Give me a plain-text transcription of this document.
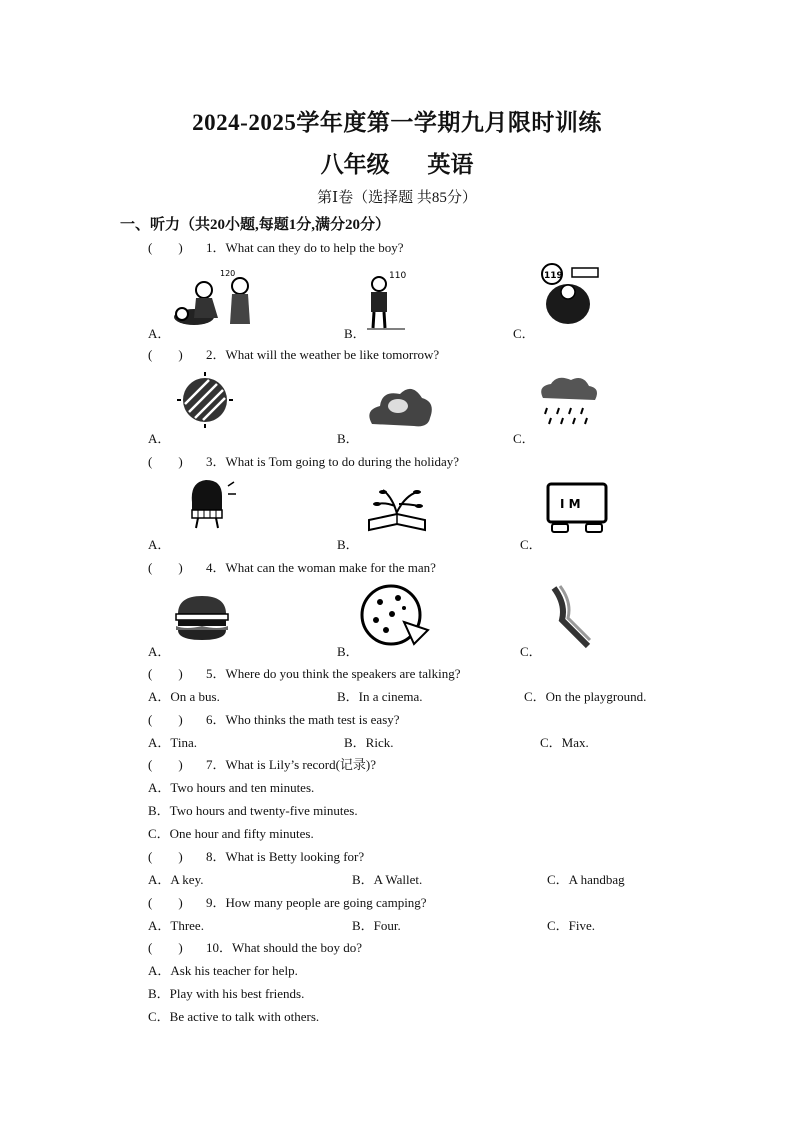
2024-2025学年度第一学期九月限时训练
八年级 英语
第Ⅰ卷（选择题 共85分）
一、听力（共20小题,每题1分,满分20分）
(　　) 1．What can they do to help the boy?
120
A．
110
B．
119
C．
(　　) 2．What will the weather be like tomorrow?
A．	B．	C．
(　　) 3．What is Tom going to do during the holiday?
A．	B．
I M
C．
(　　) 4．What can the woman make for the man?
A．	B．	C．
(　　) 5．Where do you think the speakers are talking?
A．On a bus.	B．In a cinema.	C．On the playground.
(　　) 6．Who thinks the math test is easy?
A．Tina.	B．Rick.	C．Max.
(　　) 7．What is Lily’s record(记录)?
A．Two hours and ten minutes.
B．Two hours and twenty-five minutes.
C．One hour and fifty minutes.
(　　) 8．What is Betty looking for?
A．A key.	B．A Wallet.	C．A handbag
(　　) 9．How many people are going camping?
A．Three.	B．Four.	C．Five.
(　　) 10．What should the boy do?
A．Ask his teacher for help.
B．Play with his best friends.
C．Be active to talk with others.
